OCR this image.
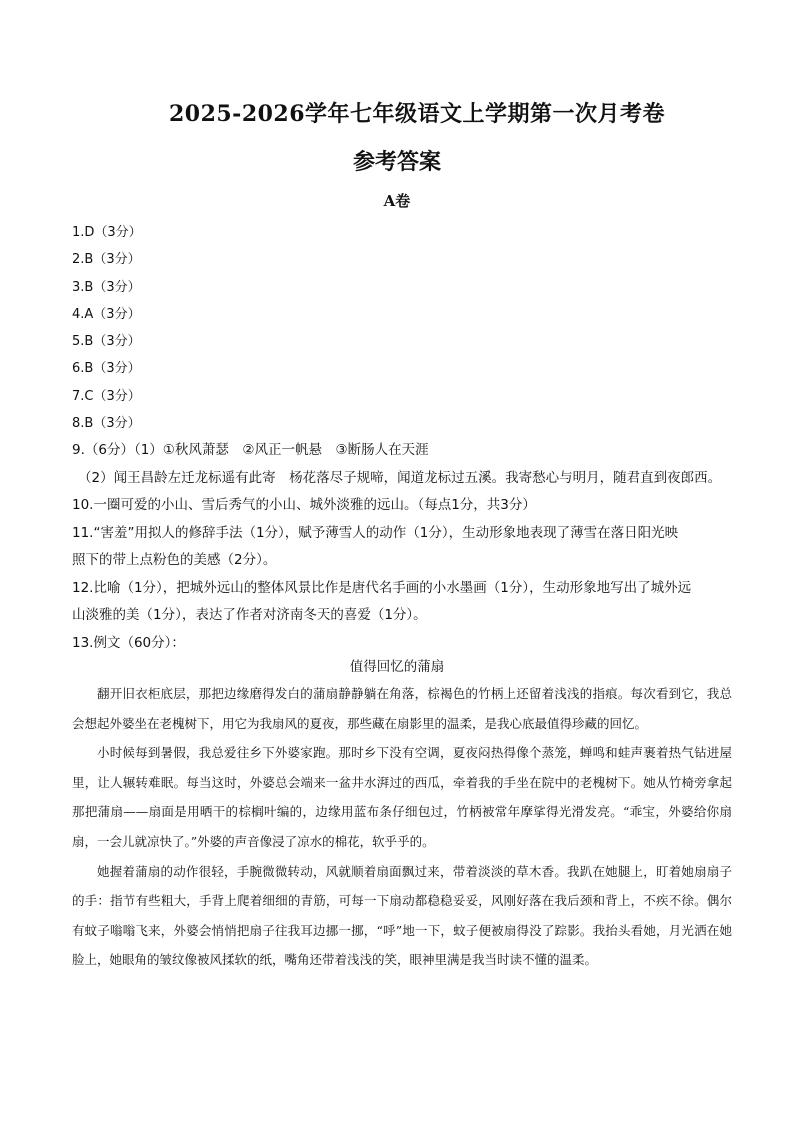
2025-2026学年七年级语文上学期第一次月考卷
参考答案
A卷
1.D（3分）
2.B（3分）
3.B（3分）
4.A（3分）
5.B（3分）
6.B（3分）
7.C（3分）
8.B（3分）

9.（6分）（1）①秋风萧瑟　②风正一帆悬　③断肠人在天涯

（2）闻王昌龄左迁龙标遥有此寄　杨花落尽子规啼，闻道龙标过五溪。我寄愁心与明月，随君直到夜郎西。

10.一圈可爱的小山、雪后秀气的小山、城外淡雅的远山。（每点1分，共3分）

11.“害羞”用拟人的修辞手法（1分），赋予薄雪人的动作（1分），生动形象地表现了薄雪在落日阳光映

照下的带上点粉色的美感（2分）。

12.比喻（1分），把城外远山的整体风景比作是唐代名手画的小水墨画（1分），生动形象地写出了城外远

山淡雅的美（1分），表达了作者对济南冬天的喜爱（1分）。

13.例文（60分）：

值得回忆的蒲扇

翻开旧衣柜底层，那把边缘磨得发白的蒲扇静静躺在角落，棕褐色的竹柄上还留着浅浅的指痕。每次看到它，我总会想起外婆坐在老槐树下，用它为我扇风的夏夜，那些藏在扇影里的温柔，是我心底最值得珍藏的回忆。

小时候每到暑假，我总爱往乡下外婆家跑。那时乡下没有空调，夏夜闷热得像个蒸笼，蝉鸣和蛙声裹着热气钻进屋里，让人辗转难眠。每当这时，外婆总会端来一盆井水湃过的西瓜，牵着我的手坐在院中的老槐树下。她从竹椅旁拿起那把蒲扇——扇面是用晒干的棕榈叶编的，边缘用蓝布条仔细包过，竹柄被常年摩挲得光滑发亮。“乖宝，外婆给你扇扇，一会儿就凉快了。”外婆的声音像浸了凉水的棉花，软乎乎的。

她握着蒲扇的动作很轻，手腕微微转动，风就顺着扇面飘过来，带着淡淡的草木香。我趴在她腿上，盯着她扇扇子的手：指节有些粗大，手背上爬着细细的青筋，可每一下扇动都稳稳妥妥，风刚好落在我后颈和背上，不疾不徐。偶尔有蚊子嗡嗡飞来，外婆会悄悄把扇子往我耳边挪一挪，“呼”地一下，蚊子便被扇得没了踪影。我抬头看她，月光洒在她脸上，她眼角的皱纹像被风揉软的纸，嘴角还带着浅浅的笑，眼神里满是我当时读不懂的温柔。
